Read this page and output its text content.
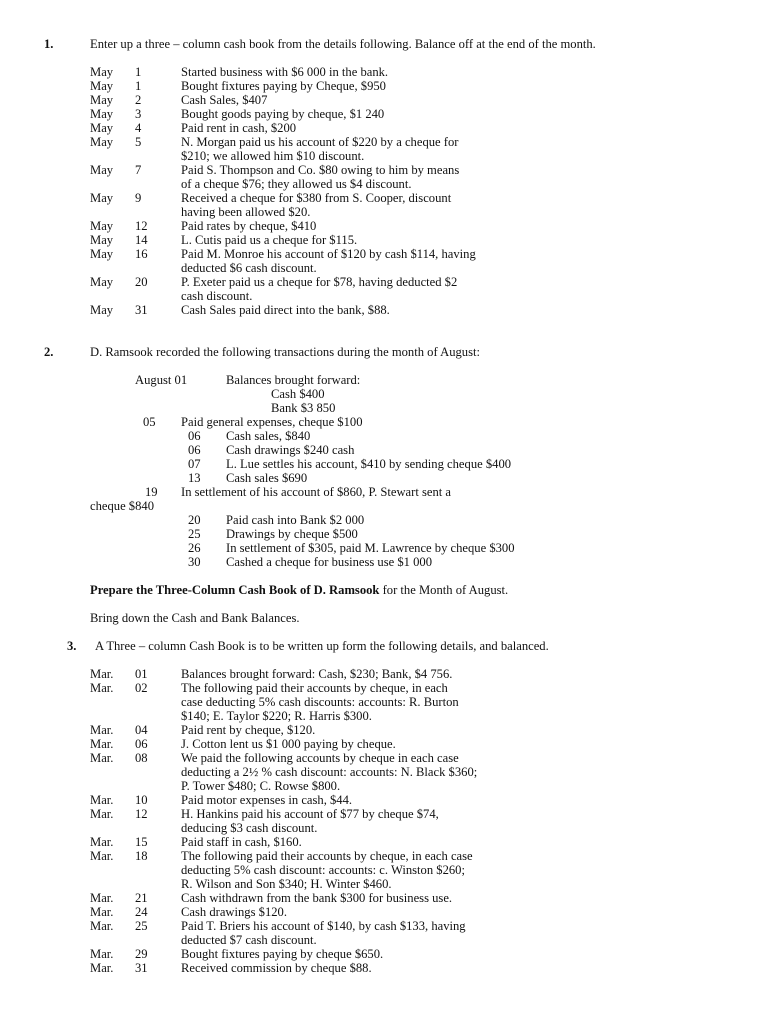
1.	Enter up a three – column cash book from the details following. Balance off at the end of the month.
May 1	Started business with $6 000 in the bank.
May 1	Bought fixtures paying by Cheque, $950
May 2	Cash Sales, $407
May 3	Bought goods paying by cheque, $1 240
May 4	Paid rent in cash, $200
May 5	N. Morgan paid us his account of $220 by a cheque for
$210; we allowed him $10 discount.
May 7	Paid S. Thompson and Co. $80 owing to him by means
of a cheque $76; they allowed us $4 discount.
May 9	Received a cheque for $380 from S. Cooper, discount
having been allowed $20.
May 12	Paid rates by cheque, $410
May 14	L. Cutis paid us a cheque for $115.
May 16	Paid M. Monroe his account of $120 by cash $114, having
deducted $6 cash discount.
May 20	P. Exeter paid us a cheque for $78, having deducted $2
cash discount.
May 31	Cash Sales paid direct into the bank, $88.
2.	D. Ramsook recorded the following transactions during the month of August:
August 01	Balances brought forward:
Cash $400
Bank $3 850
05 Paid general expenses, cheque $100
06 Cash sales, $840
06 Cash drawings $240 cash
07 L. Lue settles his account, $410 by sending cheque $400
13 Cash sales $690
19 In settlement of his account of $860, P. Stewart sent a
cheque $840
20 Paid cash into Bank $2 000
25 Drawings by cheque $500
26 In settlement of $305, paid M. Lawrence by cheque $300
30 Cashed a cheque for business use $1 000
Prepare the Three-Column Cash Book of D. Ramsook for the Month of August.
Bring down the Cash and Bank Balances.
3. A Three – column Cash Book is to be written up form the following details, and balanced.
Mar. 01	Balances brought forward: Cash, $230; Bank, $4 756.
Mar. 02	The following paid their accounts by cheque, in each
case deducting 5% cash discounts: accounts: R. Burton
$140; E. Taylor $220; R. Harris $300.
Mar. 04	Paid rent by cheque, $120.
Mar. 06	J. Cotton lent us $1 000 paying by cheque.
Mar. 08	We paid the following accounts by cheque in each case
deducting a 2½ % cash discount: accounts: N. Black $360;
P. Tower $480; C. Rowse $800.
Mar. 10	Paid motor expenses in cash, $44.
Mar. 12	H. Hankins paid his account of $77 by cheque $74,
deducing $3 cash discount.
Mar. 15	Paid staff in cash, $160.
Mar. 18	The following paid their accounts by cheque, in each case
deducting 5% cash discount: accounts: c. Winston $260;
R. Wilson and Son $340; H. Winter $460.
Mar. 21	Cash withdrawn from the bank $300 for business use.
Mar. 24	Cash drawings $120.
Mar. 25	Paid T. Briers his account of $140, by cash $133, having
deducted $7 cash discount.
Mar. 29	Bought fixtures paying by cheque $650.
Mar. 31	Received commission by cheque $88.
